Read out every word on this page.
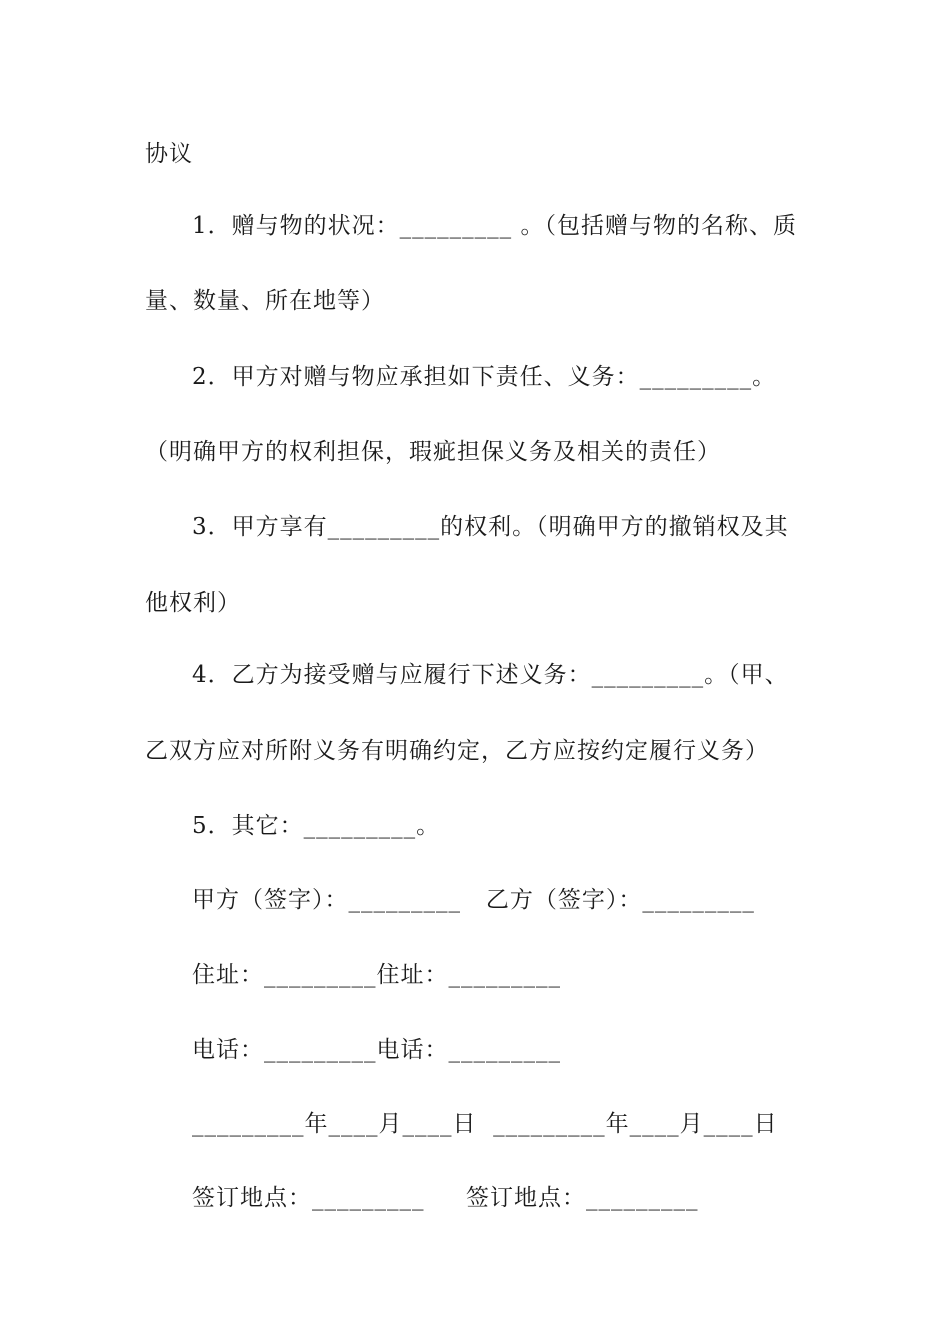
协议
1．赠与物的状况：_________ 。（包括赠与物的名称、质
量、数量、所在地等）
2．甲方对赠与物应承担如下责任、义务：_________。
（明确甲方的权利担保，瑕疵担保义务及相关的责任）
3．甲方享有_________的权利。（明确甲方的撤销权及其
他权利）
4．乙方为接受赠与应履行下述义务：_________。（甲、
乙双方应对所附义务有明确约定，乙方应按约定履行义务）
5．其它：_________。
甲方（签字）：_________   乙方（签字）：_________
住址：_________住址：_________
电话：_________电话：_________
_________年____月____日  _________年____月____日
签订地点：_________     签订地点：_________
